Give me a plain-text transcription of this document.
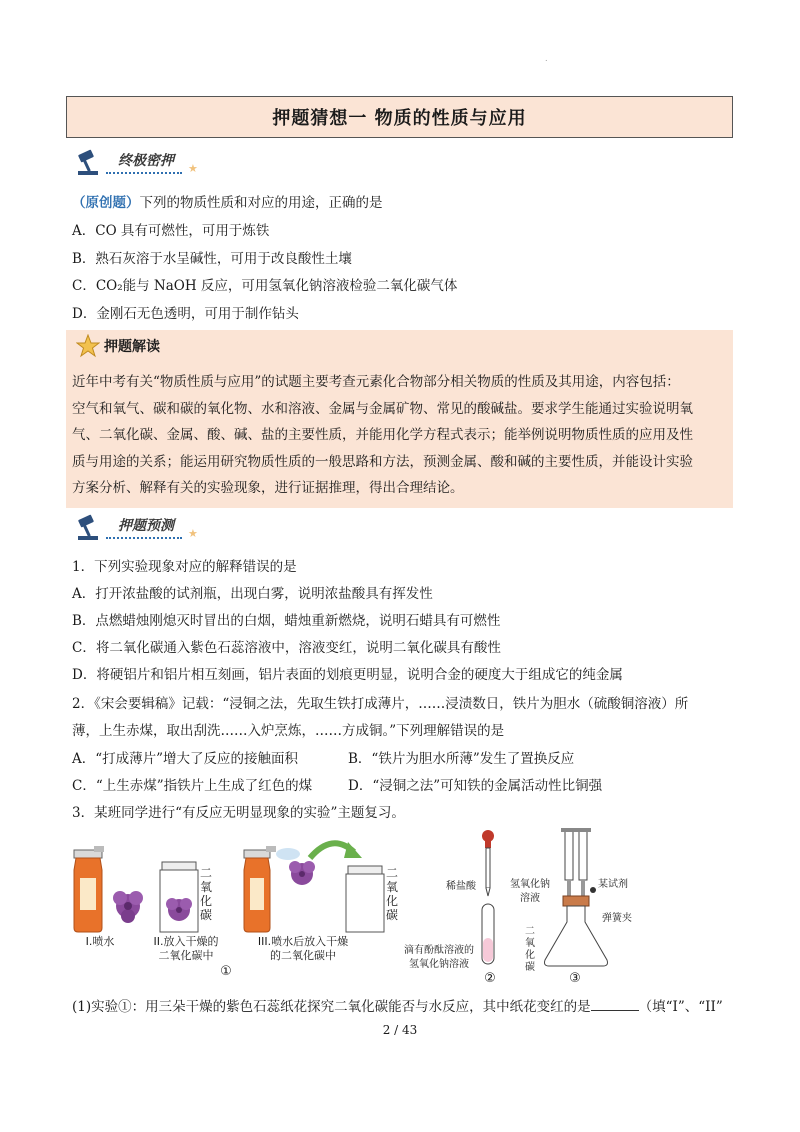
.
押题猜想一 物质的性质与应用
终极密押	★
（原创题）下列的物质性质和对应的用途，正确的是
A．CO 具有可燃性，可用于炼铁
B．熟石灰溶于水呈碱性，可用于改良酸性土壤
C．CO₂能与 NaOH 反应，可用氢氧化钠溶液检验二氧化碳气体
D．金刚石无色透明，可用于制作钻头
押题解读
近年中考有关“物质性质与应用”的试题主要考查元素化合物部分相关物质的性质及其用途，内容包括：
空气和氧气、碳和碳的氧化物、水和溶液、金属与金属矿物、常见的酸碱盐。要求学生能通过实验说明氧
气、二氧化碳、金属、酸、碱、盐的主要性质，并能用化学方程式表示；能举例说明物质性质的应用及性
质与用途的关系；能运用研究物质性质的一般思路和方法，预测金属、酸和碱的主要性质，并能设计实验
方案分析、解释有关的实验现象，进行证据推理，得出合理结论。
押题预测	★
1．下列实验现象对应的解释错误的是
A．打开浓盐酸的试剂瓶，出现白雾，说明浓盐酸具有挥发性
B．点燃蜡烛刚熄灭时冒出的白烟，蜡烛重新燃烧，说明石蜡具有可燃性
C．将二氧化碳通入紫色石蕊溶液中，溶液变红，说明二氧化碳具有酸性
D．将硬铝片和铝片相互刻画，铝片表面的划痕更明显，说明合金的硬度大于组成它的纯金属
2．《宋会要辑稿》记载：“浸铜之法，先取生铁打成薄片，……浸渍数日，铁片为胆水（硫酸铜溶液）所
薄，上生赤煤，取出刮洗……入炉烹炼，……方成铜。”下列理解错误的是
A．“打成薄片”增大了反应的接触面积	B．“铁片为胆水所薄”发生了置换反应
C．“上生赤煤”指铁片上生成了红色的煤	D．“浸铜之法”可知铁的金属活动性比铜强
3．某班同学进行“有反应无明显现象的实验”主题复习。
二氧化碳
二氧化碳
I.喷水	II.放入干燥的
二氧化碳中
III.喷水后放入干燥
的二氧化碳中
①
稀盐酸
滴有酚酞溶液的
氢氧化钠溶液
②
氢氧化钠
溶液
某试剂
弹簧夹
二氧化碳
③
(1)实验①：用三朵干燥的紫色石蕊纸花探究二氧化碳能否与水反应，其中纸花变红的是	（填“I”、“II”
2 / 43
